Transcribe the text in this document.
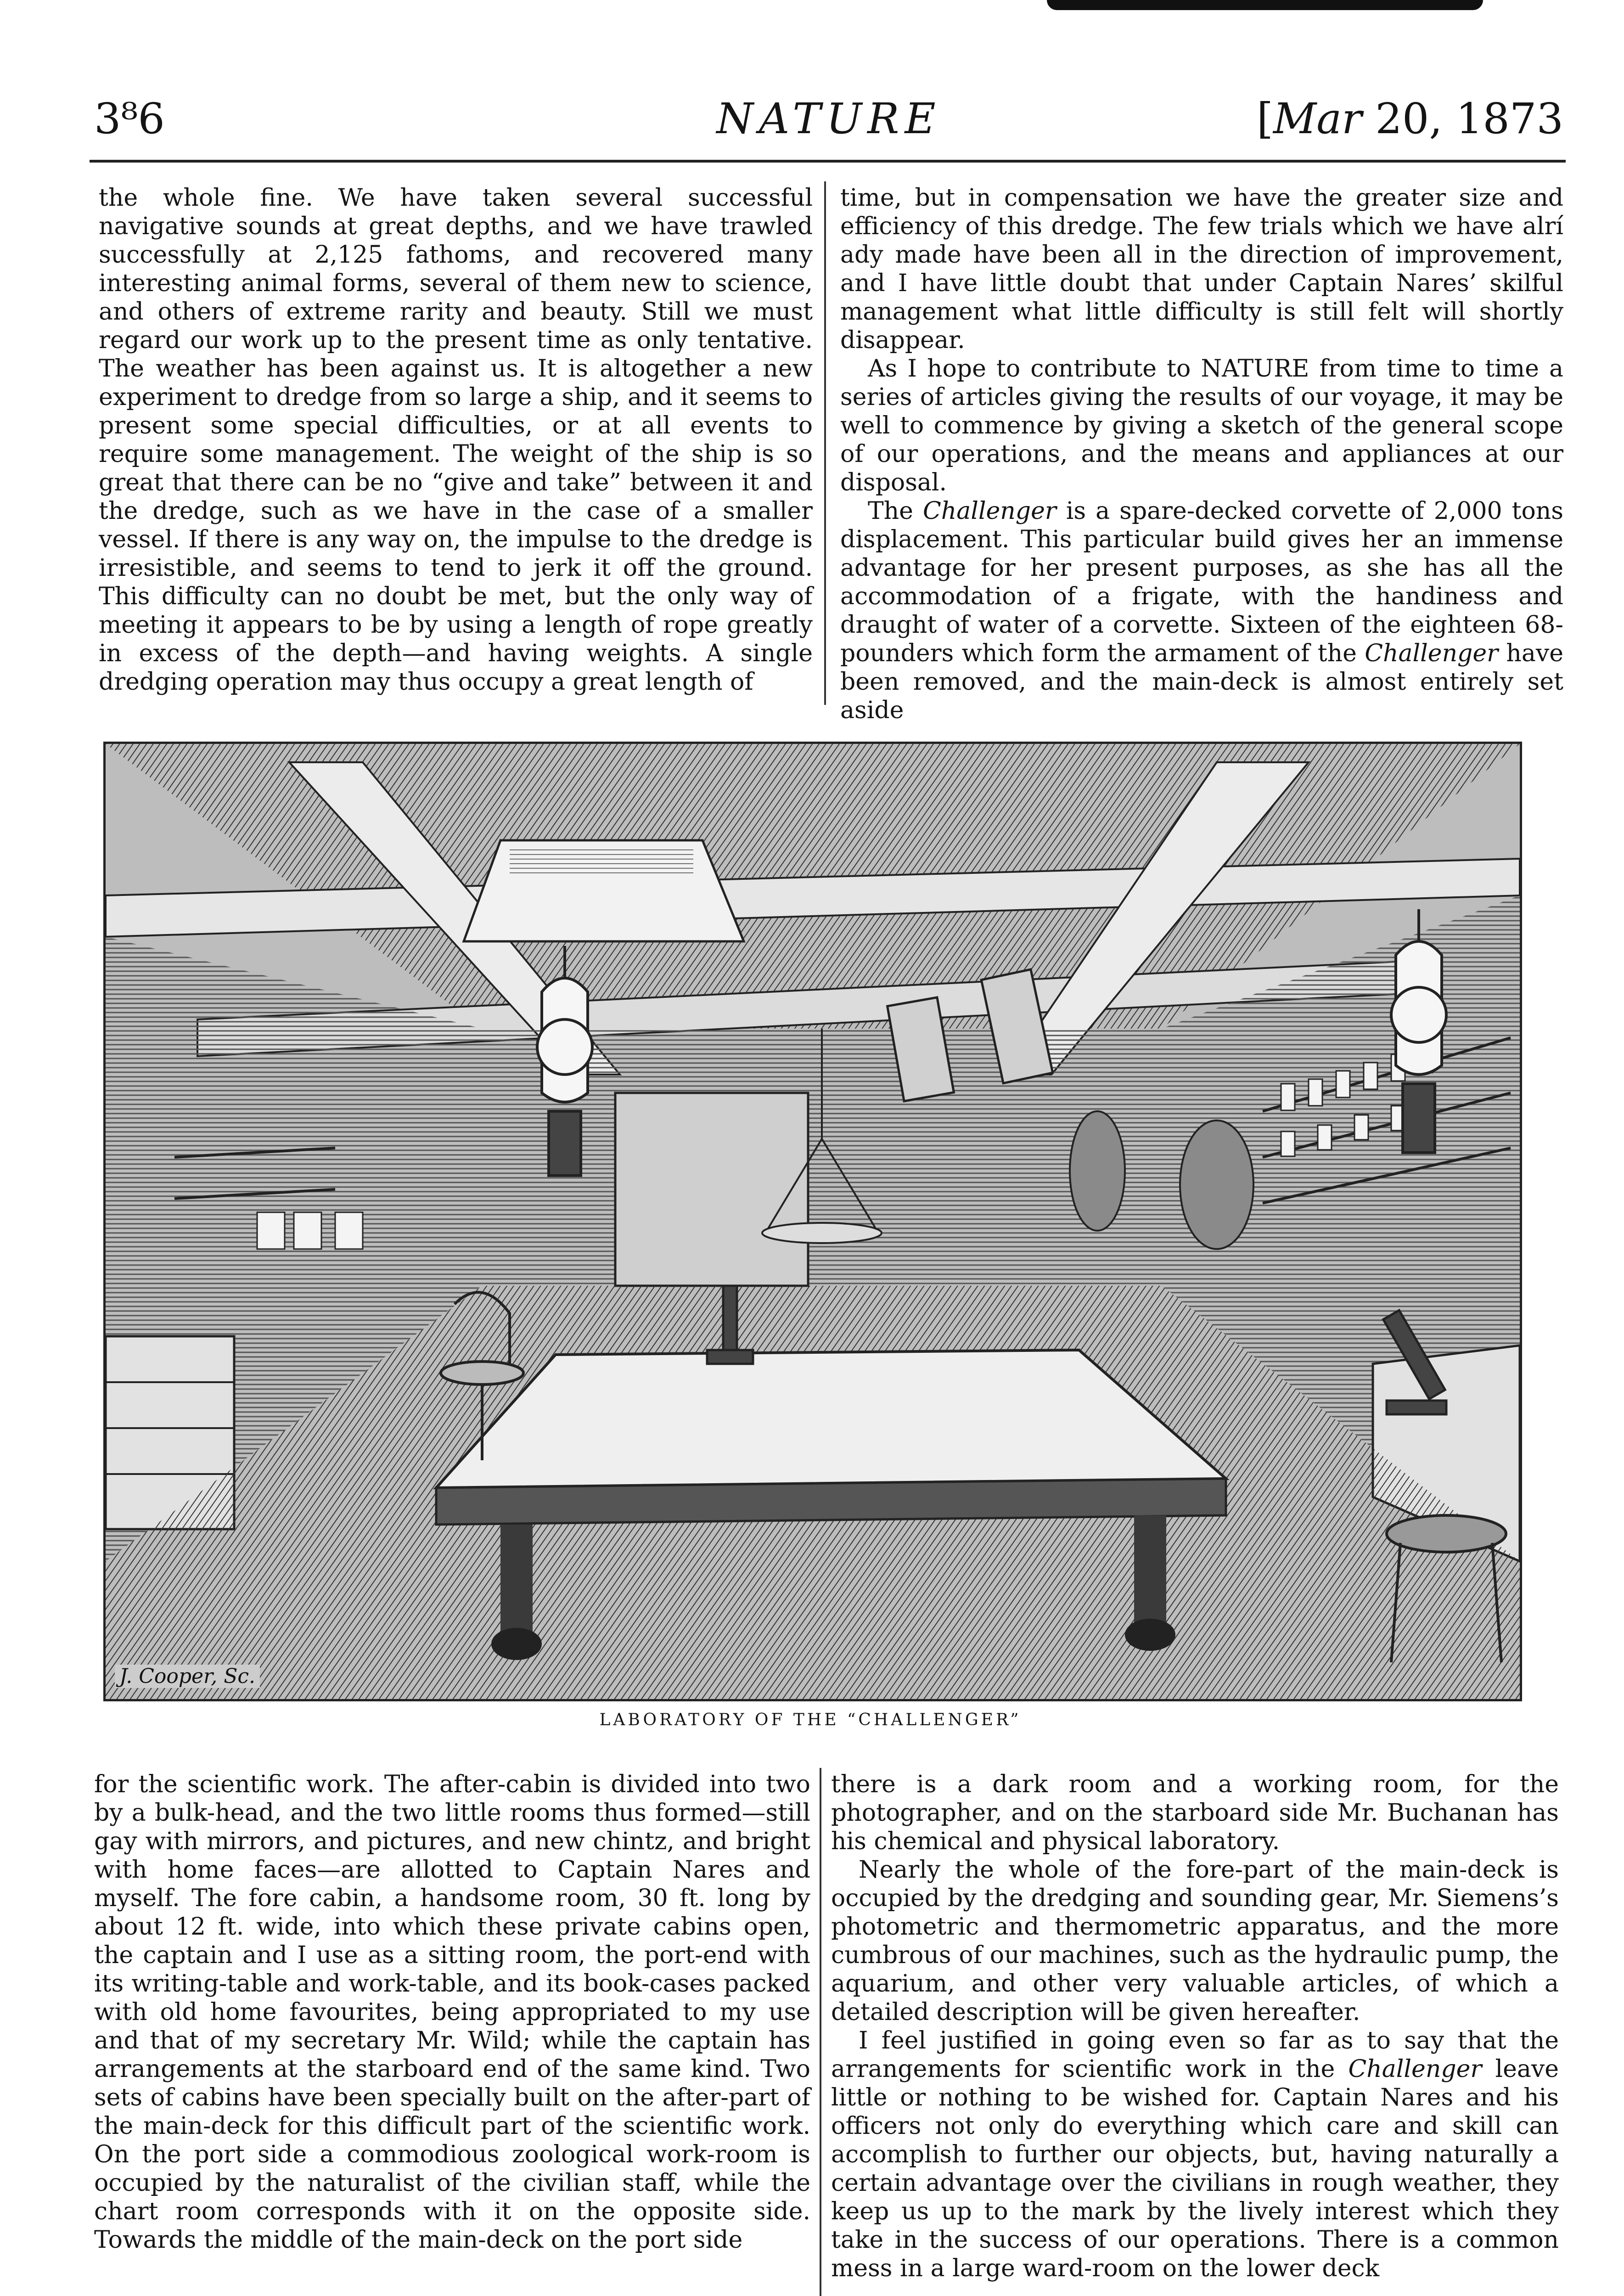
NATURE
3⁸6	[Mar 20, 1873

the whole fine. We have taken several successful navigative sounds at great depths, and we have trawled successfully at 2,125 fathoms, and recovered many interesting animal forms, several of them new to science, and others of extreme rarity and beauty. Still we must regard our work up to the present time as only tentative. The weather has been against us. It is altogether a new experiment to dredge from so large a ship, and it seems to present some special difficulties, or at all events to require some management. The weight of the ship is so great that there can be no “give and take” between it and the dredge, such as we have in the case of a smaller vessel. If there is any way on, the impulse to the dredge is irresistible, and seems to tend to jerk it off the ground. This difficulty can no doubt be met, but the only way of meeting it appears to be by using a length of rope greatly in excess of the depth—and having weights. A single dredging operation may thus occupy a great length of

time, but in compensation we have the greater size and efficiency of this dredge. The few trials which we have alrí ady made have been all in the direction of improvement, and I have little doubt that under Captain Nares’ skilful management what little difficulty is still felt will shortly disappear.

As I hope to contribute to NATURE from time to time a series of articles giving the results of our voyage, it may be well to commence by giving a sketch of the general scope of our operations, and the means and appliances at our disposal.

The Challenger is a spare-decked corvette of 2,000 tons displacement. This particular build gives her an immense advantage for her present purposes, as she has all the accommodation of a frigate, with the handiness and draught of water of a corvette. Sixteen of the eighteen 68-pounders which form the armament of the Challenger have been removed, and the main-deck is almost entirely set aside

J. Cooper, Sc.
LABORATORY OF THE “CHALLENGER”

for the scientific work. The after-cabin is divided into two by a bulk-head, and the two little rooms thus formed—still gay with mirrors, and pictures, and new chintz, and bright with home faces—are allotted to Captain Nares and myself. The fore cabin, a handsome room, 30 ft. long by about 12 ft. wide, into which these private cabins open, the captain and I use as a sitting room, the port-end with its writing-table and work-table, and its book-cases packed with old home favourites, being appropriated to my use and that of my secretary Mr. Wild; while the captain has arrangements at the starboard end of the same kind. Two sets of cabins have been specially built on the after-part of the main-deck for this difficult part of the scientific work. On the port side a commodious zoological work-room is occupied by the naturalist of the civilian staff, while the chart room corresponds with it on the opposite side. Towards the middle of the main-deck on the port side

there is a dark room and a working room, for the photographer, and on the starboard side Mr. Buchanan has his chemical and physical laboratory.

Nearly the whole of the fore-part of the main-deck is occupied by the dredging and sounding gear, Mr. Siemens’s photometric and thermometric apparatus, and the more cumbrous of our machines, such as the hydraulic pump, the aquarium, and other very valuable articles, of which a detailed description will be given hereafter.

I feel justified in going even so far as to say that the arrangements for scientific work in the Challenger leave little or nothing to be wished for. Captain Nares and his officers not only do everything which care and skill can accomplish to further our objects, but, having naturally a certain advantage over the civilians in rough weather, they keep us up to the mark by the lively interest which they take in the success of our operations. There is a common mess in a large ward-room on the lower deck
